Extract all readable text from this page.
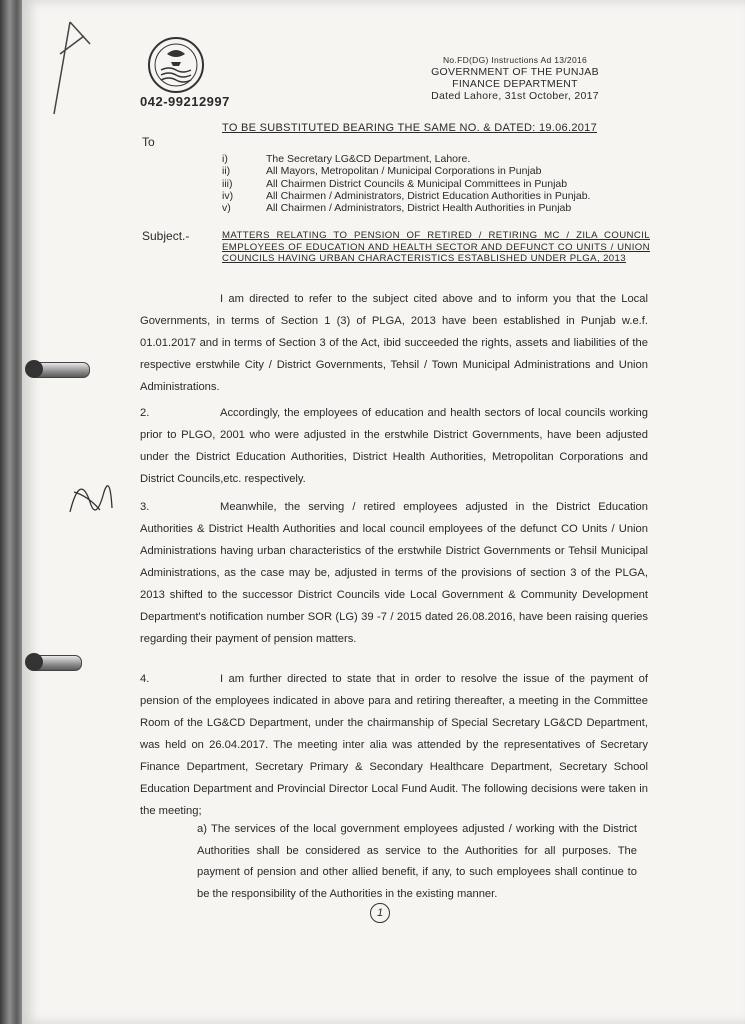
042-99212997
No.FD(DG) Instructions Ad 13/2016
GOVERNMENT OF THE PUNJAB
FINANCE DEPARTMENT
Dated Lahore, 31st October, 2017
TO BE SUBSTITUTED BEARING THE SAME NO. & DATED: 19.06.2017
To
i)	The Secretary LG&CD Department, Lahore.
ii)	All Mayors, Metropolitan / Municipal Corporations in Punjab
iii)	All Chairmen District Councils & Municipal Committees in Punjab
iv)	All Chairmen / Administrators, District Education Authorities in Punjab.
v)	All Chairmen / Administrators, District Health Authorities in Punjab
Subject.-	MATTERS RELATING TO PENSION OF RETIRED / RETIRING MC / ZILA COUNCIL EMPLOYEES OF EDUCATION AND HEALTH SECTOR AND DEFUNCT CO UNITS / UNION COUNCILS HAVING URBAN CHARACTERISTICS ESTABLISHED UNDER PLGA, 2013
I am directed to refer to the subject cited above and to inform you that the Local Governments, in terms of Section 1 (3) of PLGA, 2013 have been established in Punjab w.e.f. 01.01.2017 and in terms of Section 3 of the Act, ibid succeeded the rights, assets and liabilities of the respective erstwhile City / District Governments, Tehsil / Town Municipal Administrations and Union Administrations.
2.	Accordingly, the employees of education and health sectors of local councils working prior to PLGO, 2001 who were adjusted in the erstwhile District Governments, have been adjusted under the District Education Authorities, District Health Authorities, Metropolitan Corporations and District Councils,etc. respectively.
3.	Meanwhile, the serving / retired employees adjusted in the District Education Authorities & District Health Authorities and local council employees of the defunct CO Units / Union Administrations having urban characteristics of the erstwhile District Governments or Tehsil Municipal Administrations, as the case may be, adjusted in terms of the provisions of section 3 of the PLGA, 2013 shifted to the successor District Councils vide Local Government & Community Development Department's notification number SOR (LG) 39 -7 / 2015 dated 26.08.2016, have been raising queries regarding their payment of pension matters.
4.	I am further directed to state that in order to resolve the issue of the payment of pension of the employees indicated in above para and retiring thereafter, a meeting in the Committee Room of the LG&CD Department, under the chairmanship of Special Secretary LG&CD Department, was held on 26.04.2017. The meeting inter alia was attended by the representatives of Secretary Finance Department, Secretary Primary & Secondary Healthcare Department, Secretary School Education Department and Provincial Director Local Fund Audit. The following decisions were taken in the meeting;
a) The services of the local government employees adjusted / working with the District Authorities shall be considered as service to the Authorities for all purposes. The payment of pension and other allied benefit, if any, to such employees shall continue to be the responsibility of the Authorities in the existing manner.
1
